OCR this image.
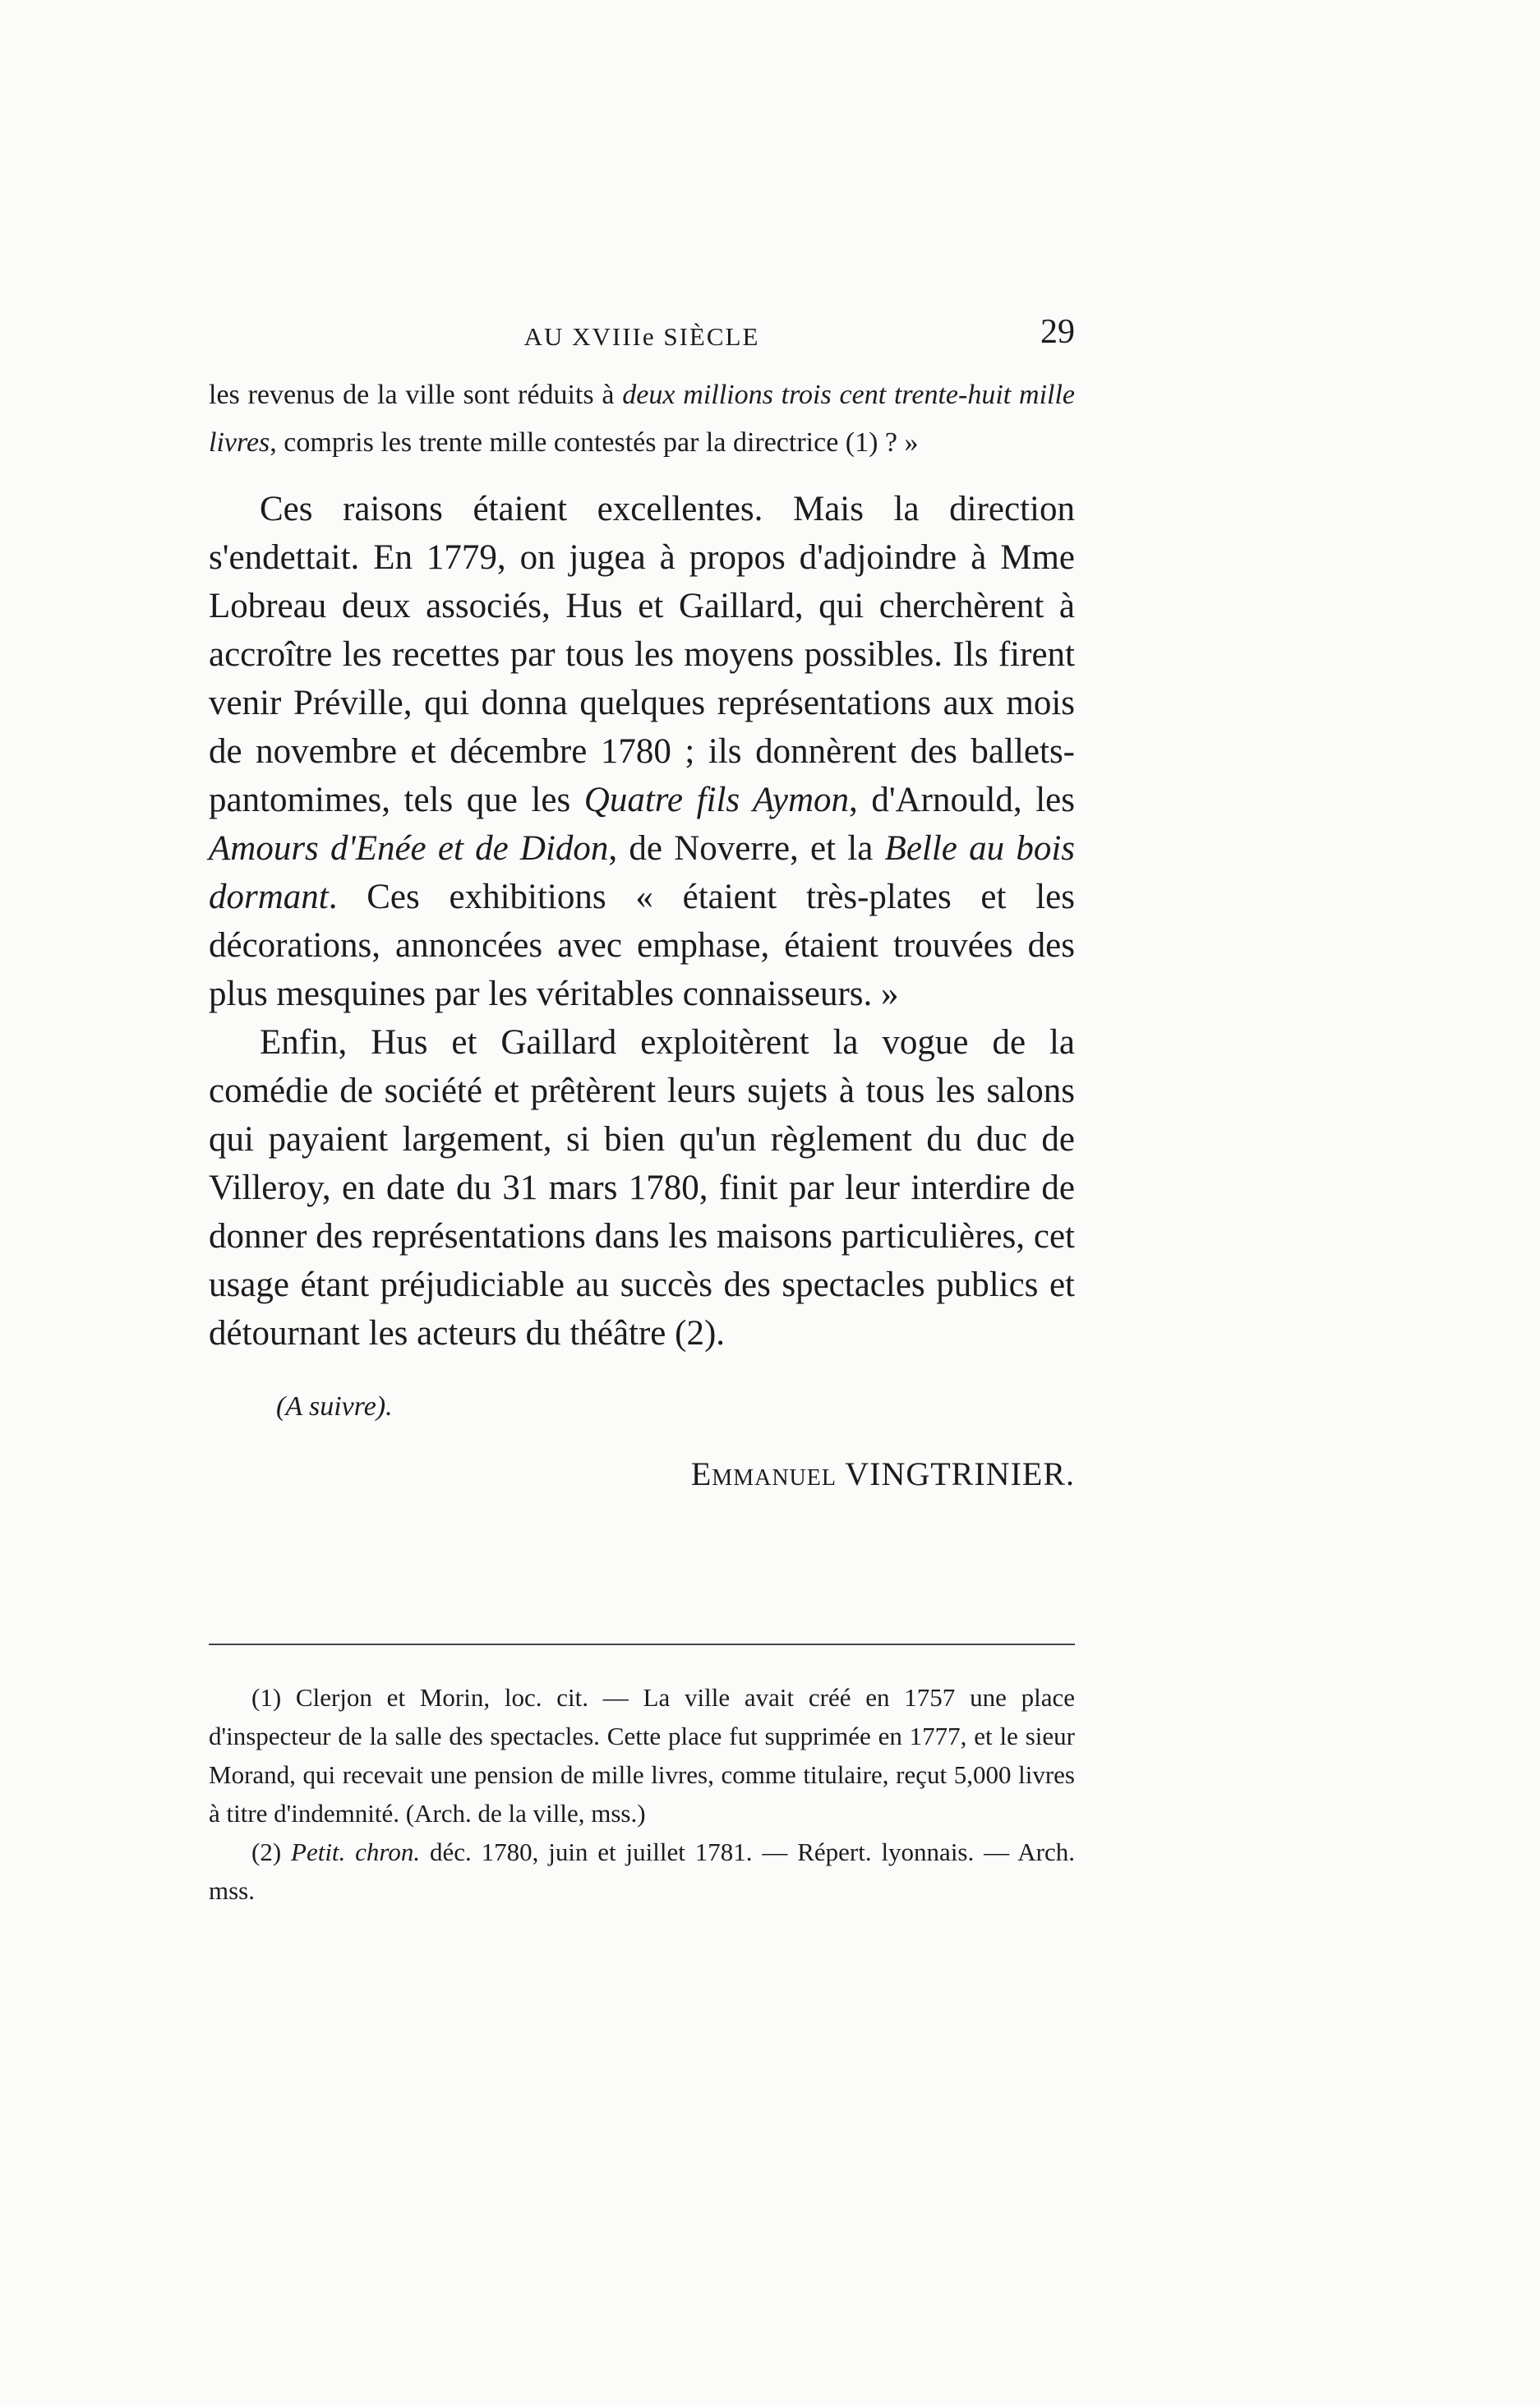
AU XVIIIe SIÈCLE	29
les revenus de la ville sont réduits à deux millions trois cent trente-huit mille livres, compris les trente mille contestés par la directrice (1) ? »

Ces raisons étaient excellentes. Mais la direction s'endettait. En 1779, on jugea à propos d'adjoindre à Mme Lobreau deux associés, Hus et Gaillard, qui cherchèrent à accroître les recettes par tous les moyens possibles. Ils firent venir Préville, qui donna quelques représentations aux mois de novembre et décembre 1780 ; ils donnèrent des ballets-pantomimes, tels que les Quatre fils Aymon, d'Arnould, les Amours d'Enée et de Didon, de Noverre, et la Belle au bois dormant. Ces exhibitions « étaient très-plates et les décorations, annoncées avec emphase, étaient trouvées des plus mesquines par les véritables connaisseurs. »

Enfin, Hus et Gaillard exploitèrent la vogue de la comédie de société et prêtèrent leurs sujets à tous les salons qui payaient largement, si bien qu'un règlement du duc de Villeroy, en date du 31 mars 1780, finit par leur interdire de donner des représentations dans les maisons particulières, cet usage étant préjudiciable au succès des spectacles publics et détournant les acteurs du théâtre (2).

(A suivre).
Emmanuel VINGTRINIER.

(1) Clerjon et Morin, loc. cit. — La ville avait créé en 1757 une place d'inspecteur de la salle des spectacles. Cette place fut supprimée en 1777, et le sieur Morand, qui recevait une pension de mille livres, comme titulaire, reçut 5,000 livres à titre d'indemnité. (Arch. de la ville, mss.)

(2) Petit. chron. déc. 1780, juin et juillet 1781. — Répert. lyonnais. — Arch. mss.
